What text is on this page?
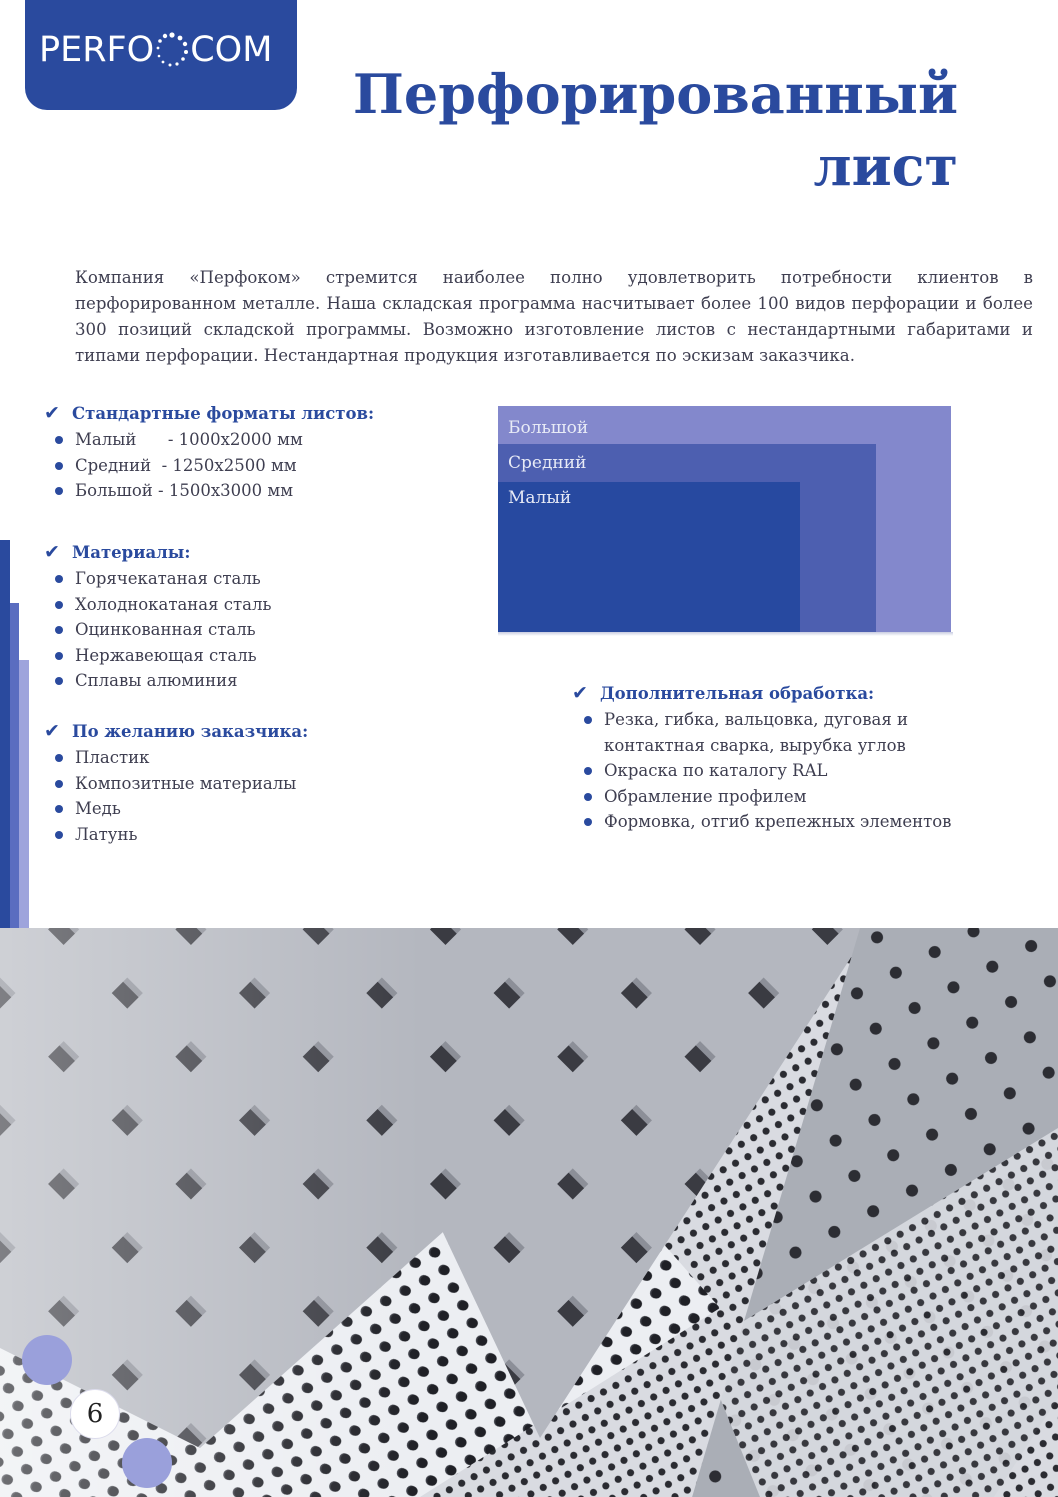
PERFO COM
Перфорированный
лист
Компания «Перфоком» стремится наиболее полно удовлетворить потребности клиентов в перфорированном металле. Наша складская программа насчитывает более 100 видов перфорации и более 300 позиций складской программы. Возможно изготовление листов с нестандартными габаритами и типами перфорации. Нестандартная продукция изготавливается по эскизам заказчика.
✔ Стандартные форматы листов:
Малый      - 1000х2000 мм
Средний  - 1250х2500 мм
Большой - 1500х3000 мм
✔ Материалы:
Горячекатаная сталь
Холоднокатаная сталь
Оцинкованная сталь
Нержавеющая сталь
Сплавы алюминия
✔ По желанию заказчика:
Пластик
Композитные материалы
Медь
Латунь
✔ Дополнительная обработка:
Резка, гибка, вальцовка, дуговая и контактная сварка, вырубка углов
Окраска по каталогу RAL
Обрамление профилем
Формовка, отгиб крепежных элементов
Большой
Средний
Малый
6
